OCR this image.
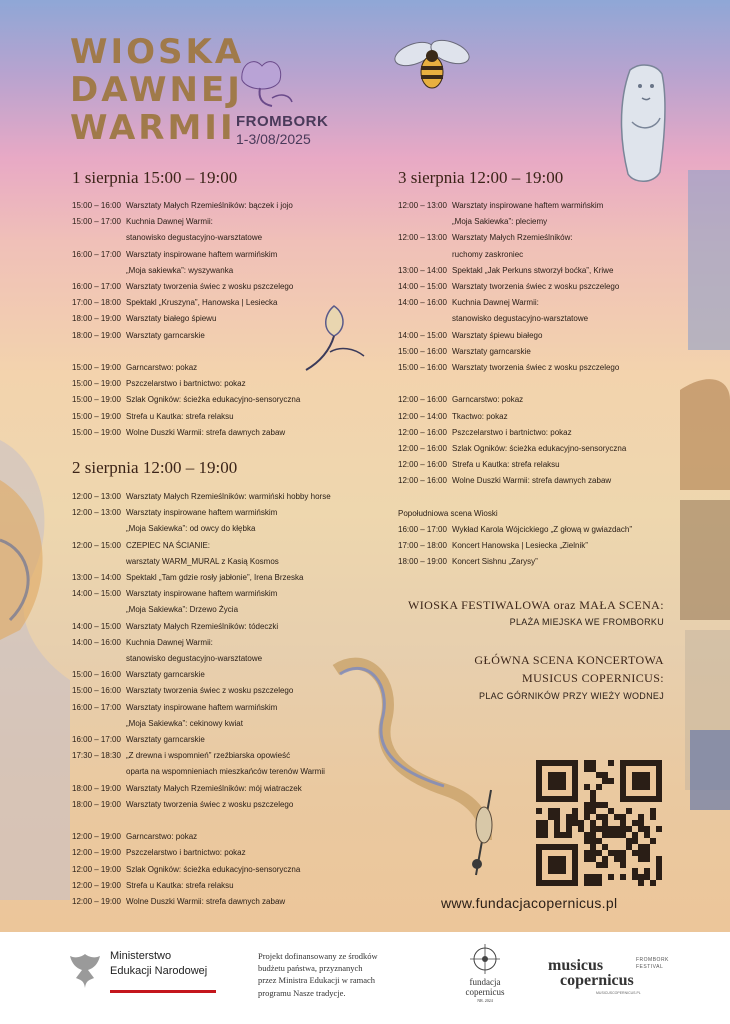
WIOSKA
DAWNEJ
WARMII FROMBORK
1-3/08/2025
1 sierpnia 15:00 – 19:00
2 sierpnia 12:00 – 19:00
3 sierpnia 12:00 – 19:00
15:00 – 16:00 Warsztaty Małych Rzemieślników: bączek i jojo
15:00 – 17:00 Kuchnia Dawnej Warmii:
stanowisko degustacyjno-warsztatowe
16:00 – 17:00 Warsztaty inspirowane haftem warmińskim
„Moja sakiewka”: wyszywanka
16:00 – 17:00 Warsztaty tworzenia świec z wosku pszczelego
17:00 – 18:00 Spektakl „Kruszyna”, Hanowska | Lesiecka
18:00 – 19:00 Warsztaty białego śpiewu
18:00 – 19:00 Warsztaty garncarskie
15:00 – 19:00 Garncarstwo: pokaz
15:00 – 19:00 Pszczelarstwo i bartnictwo: pokaz
15:00 – 19:00 Szlak Ogników: ścieżka edukacyjno-sensoryczna
15:00 – 19:00 Strefa u Kautka: strefa relaksu
15:00 – 19:00 Wolne Duszki Warmii: strefa dawnych zabaw
12:00 – 13:00 Warsztaty Małych Rzemieślników: warmiński hobby horse
12:00 – 13:00 Warsztaty inspirowane haftem warmińskim
„Moja Sakiewka”: od owcy do kłębka
12:00 – 15:00 CZEPIEC NA ŚCIANIE:
warsztaty WARM_MURAL z Kasią Kosmos
13:00 – 14:00 Spektakl „Tam gdzie rosły jabłonie”, Irena Brzeska
14:00 – 15:00 Warsztaty inspirowane haftem warmińskim
„Moja Sakiewka”: Drzewo Życia
14:00 – 15:00 Warsztaty Małych Rzemieślników: tódeczki
14:00 – 16:00 Kuchnia Dawnej Warmii:
stanowisko degustacyjno-warsztatowe
15:00 – 16:00 Warsztaty garncarskie
15:00 – 16:00 Warsztaty tworzenia świec z wosku pszczelego
16:00 – 17:00 Warsztaty inspirowane haftem warmińskim
„Moja Sakiewka”: cekinowy kwiat
16:00 – 17:00 Warsztaty garncarskie
17:30 – 18:30 „Z drewna i wspomnień” rzeźbiarska opowieść
oparta na wspomnieniach mieszkańców terenów Warmii
18:00 – 19:00 Warsztaty Małych Rzemieślników: mój wiatraczek
18:00 – 19:00 Warsztaty tworzenia świec z wosku pszczelego
12:00 – 19:00 Garncarstwo: pokaz
12:00 – 19:00 Pszczelarstwo i bartnictwo: pokaz
12:00 – 19:00 Szlak Ogników: ścieżka edukacyjno-sensoryczna
12:00 – 19:00 Strefa u Kautka: strefa relaksu
12:00 – 19:00 Wolne Duszki Warmii: strefa dawnych zabaw
12:00 – 13:00 Warsztaty inspirowane haftem warmińskim
„Moja Sakiewka”: pleciemy
12:00 – 13:00 Warsztaty Małych Rzemieślników:
ruchomy zaskroniec
13:00 – 14:00 Spektakl „Jak Perkuns stworzył boćka”, Kriwe
14:00 – 15:00 Warsztaty tworzenia świec z wosku pszczelego
14:00 – 16:00 Kuchnia Dawnej Warmii:
stanowisko degustacyjno-warsztatowe
14:00 – 15:00 Warsztaty śpiewu białego
15:00 – 16:00 Warsztaty garncarskie
15:00 – 16:00 Warsztaty tworzenia świec z wosku pszczelego
12:00 – 16:00 Garncarstwo: pokaz
12:00 – 14:00 Tkactwo: pokaz
12:00 – 16:00 Pszczelarstwo i bartnictwo: pokaz
12:00 – 16:00 Szlak Ogników: ścieżka edukacyjno-sensoryczna
12:00 – 16:00 Strefa u Kautka: strefa relaksu
12:00 – 16:00 Wolne Duszki Warmii: strefa dawnych zabaw
Popołudniowa scena Wioski
16:00 – 17:00 Wykład Karola Wójcickiego „Z głową w gwiazdach”
17:00 – 18:00 Koncert Hanowska | Lesiecka „Zielnik”
18:00 – 19:00 Koncert Sishnu „Zarysy”
WIOSKA FESTIWALOWA oraz MAŁA SCENA:
PLAŻA MIEJSKA WE FROMBORKU
GŁÓWNA SCENA KONCERTOWA
MUSICUS COPERNICUS:
PLAC GÓRNIKÓW PRZY WIEŻY WODNEJ
www.fundacjacopernicus.pl
Ministerstwo
Edukacji Narodowej
Projekt dofinansowany ze środków
budżetu państwa, przyznanych
przez Ministra Edukacji w ramach
programu Nasze tradycje.
fundacja
copernicus
NR. 2024
musicus
copernicus
FROMBORK
FESTIVAL
MUSICUSCOPERNICUS.PL
